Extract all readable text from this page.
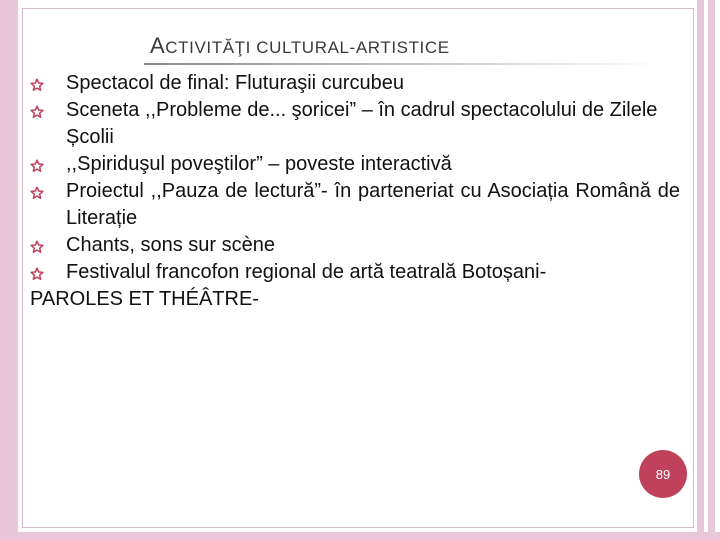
ACTIVITĂŢI CULTURAL-ARTISTICE
Spectacol de final: Fluturaşii curcubeu
Sceneta ,,Probleme de... şoricei” – în cadrul spectacolului de Zilele Școlii
,,Spiriduşul poveştilor” – poveste interactivă
Proiectul ,,Pauza de lectură”- în parteneriat cu Asociația Română de Literație
Chants, sons sur scène
Festivalul francofon regional de artă teatrală Botoșani-
PAROLES ET THÉÂTRE-
89
